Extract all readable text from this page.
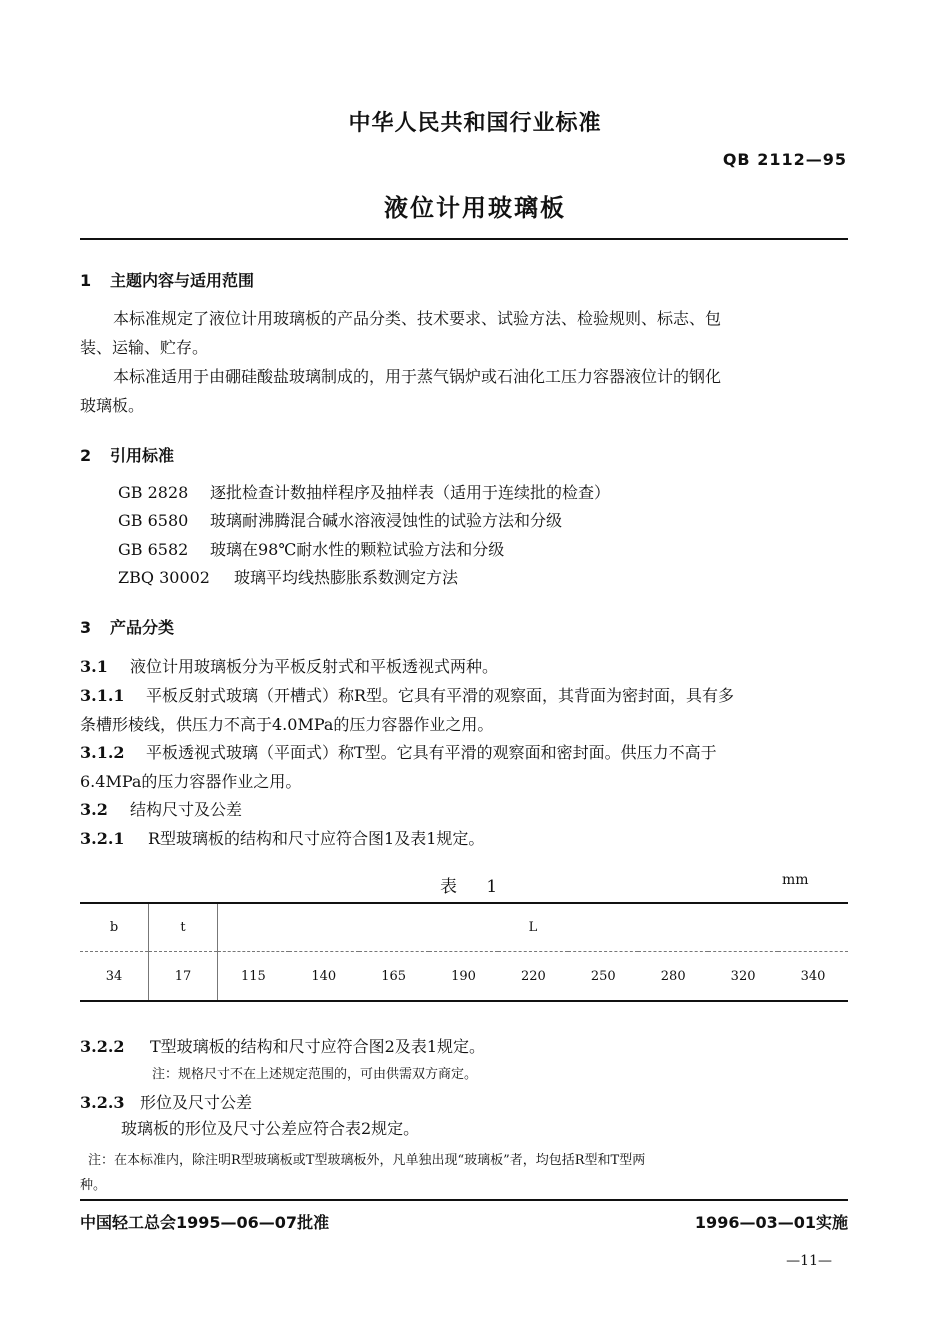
中华人民共和国行业标准
QB 2112—95
液位计用玻璃板
1 主题内容与适用范围
本标准规定了液位计用玻璃板的产品分类、技术要求、试验方法、检验规则、标志、包
装、运输、贮存。
本标准适用于由硼硅酸盐玻璃制成的，用于蒸气锅炉或石油化工压力容器液位计的钢化
玻璃板。
2 引用标准
GB 2828 逐批检查计数抽样程序及抽样表（适用于连续批的检查）
GB 6580 玻璃耐沸腾混合碱水溶液浸蚀性的试验方法和分级
GB 6582 玻璃在98℃耐水性的颗粒试验方法和分级
ZBQ 30002 玻璃平均线热膨胀系数测定方法
3 产品分类
3.1 液位计用玻璃板分为平板反射式和平板透视式两种。
3.1.1 平板反射式玻璃（开槽式）称R型。它具有平滑的观察面，其背面为密封面，具有多
条槽形棱线，供压力不高于4.0MPa的压力容器作业之用。
3.1.2 平板透视式玻璃（平面式）称T型。它具有平滑的观察面和密封面。供压力不高于
6.4MPa的压力容器作业之用。
3.2 结构尺寸及公差
3.2.1 R型玻璃板的结构和尺寸应符合图1及表1规定。
表 1	mm
b	t	L								
34	17	115	140	165	190	220	250	280	320	340
3.2.2 T型玻璃板的结构和尺寸应符合图2及表1规定。
注：规格尺寸不在上述规定范围的，可由供需双方商定。
3.2.3 形位及尺寸公差
玻璃板的形位及尺寸公差应符合表2规定。
注：在本标准内，除注明R型玻璃板或T型玻璃板外，凡单独出现“玻璃板”者，均包括R型和T型两
种。
中国轻工总会1995—06—07批准	1996—03—01实施
—11—
